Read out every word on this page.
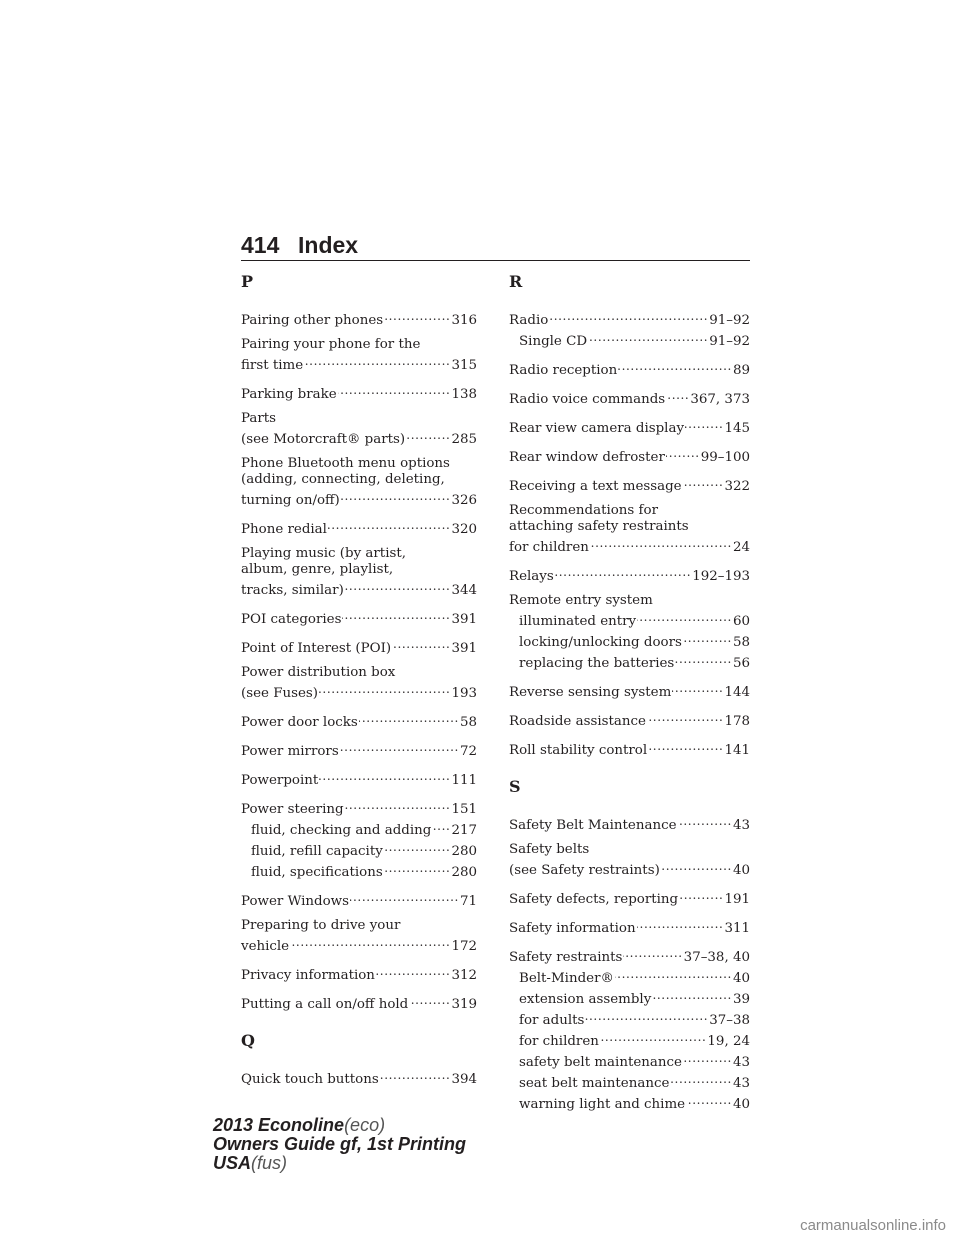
414 Index
P
Pairing other phones .....	316
Pairing your phone for the
first time .....	315
Parking brake .....	138
Parts
(see Motorcraft® parts) .....	285
Phone Bluetooth menu options
(adding, connecting, deleting,
turning on/off) .....	326
Phone redial .....	320
Playing music (by artist,
album, genre, playlist,
tracks, similar) .....	344
POI categories .....	391
Point of Interest (POI) .....	391
Power distribution box
(see Fuses) .....	193
Power door locks .....	58
Power mirrors .....	72
Powerpoint .....	111
Power steering .....	151
fluid, checking and adding ..... 217
fluid, refill capacity .....	280
fluid, specifications .....	280
Power Windows .....	71
Preparing to drive your
vehicle .....	172
Privacy information .....	312
Putting a call on/off hold .....	319
Q
Quick touch buttons .....	394
R
Radio .....	91–92
Single CD .....	91–92
Radio reception .....	89
Radio voice commands ..... 367, 373
Rear view camera display .....	145
Rear window defroster .....	99–100
Receiving a text message .....	322
Recommendations for
attaching safety restraints
for children .....	24
Relays .....	192–193
Remote entry system
illuminated entry .....	60
locking/unlocking doors .....	58
replacing the batteries .....	56
Reverse sensing system .....	144
Roadside assistance .....	178
Roll stability control .....	141
S
Safety Belt Maintenance .....	43
Safety belts
(see Safety restraints) .....	40
Safety defects, reporting .....	191
Safety information .....	311
Safety restraints .....	37–38, 40
Belt-Minder® .....	40
extension assembly .....	39
for adults .....	37–38
for children .....	19, 24
safety belt maintenance .....	43
seat belt maintenance .....	43
warning light and chime .....	40
2013 Econoline(eco)
Owners Guide gf, 1st Printing
USA(fus)
carmanualsonline.info
